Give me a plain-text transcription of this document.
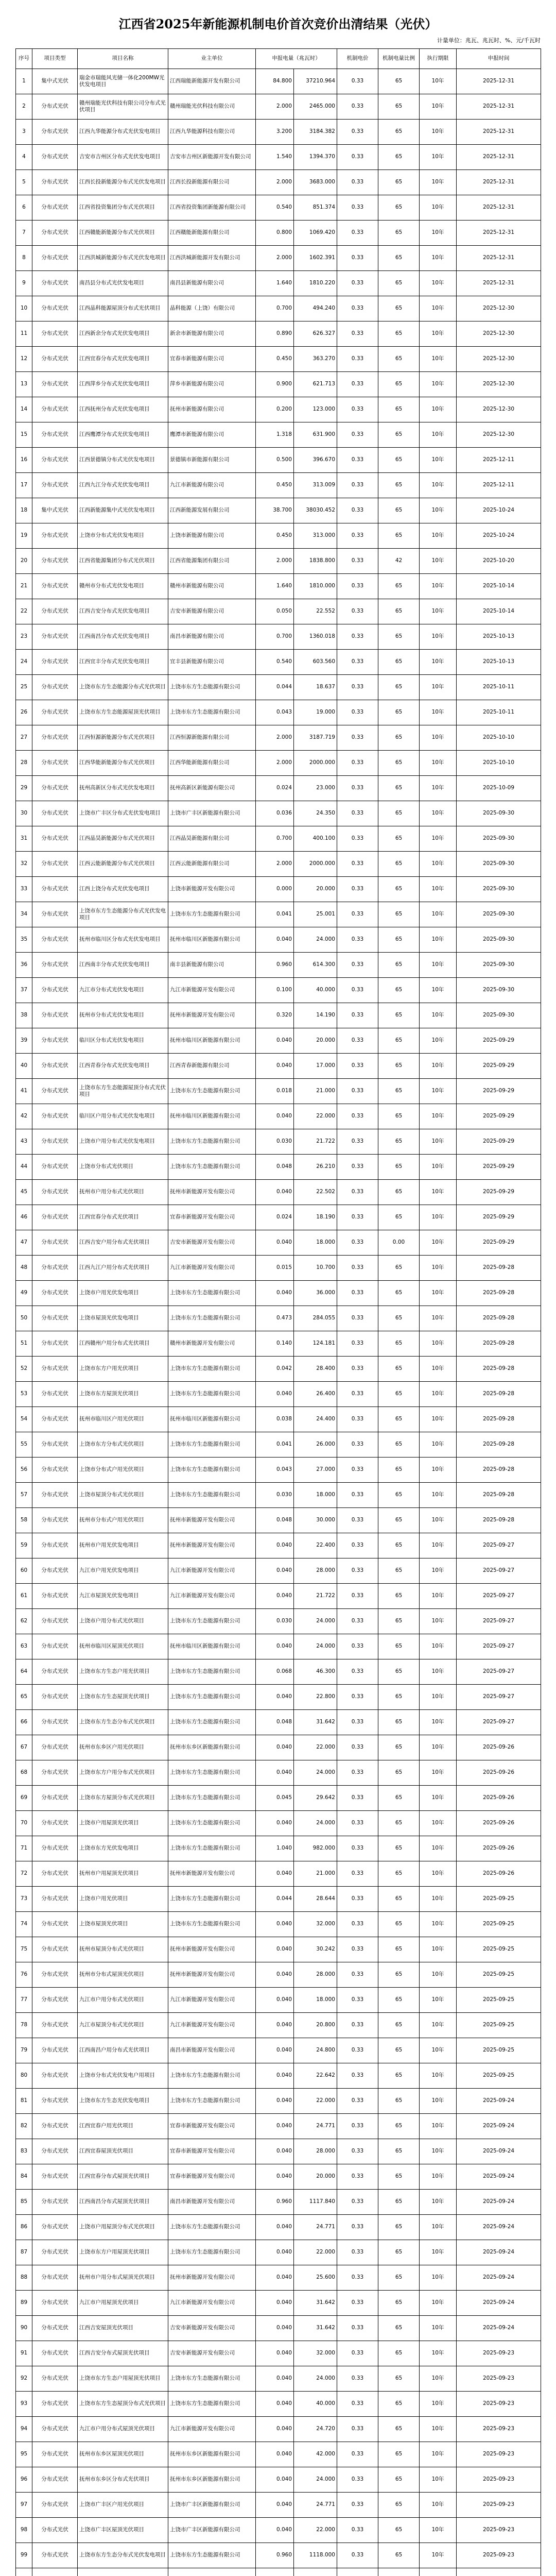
江西省2025年新能源机制电价首次竞价出清结果（光伏）
计量单位：兆瓦、兆瓦时、%、元/千瓦时
序号	项目类型	项目名称	业主单位	申报电量（兆瓦时）		机制电价	机制电量比例	执行期限	申报时间
1	集中式光伏	瑞金市瑞能风光储一体化200MW光伏发电项目	江西瑞能新能源开发有限公司	84.800	37210.964	0.33	65	10年	2025-12-31
2	分布式光伏	赣州瑞能光伏科技有限公司分布式光伏项目	赣州瑞能光伏科技有限公司	2.000	2465.000	0.33	65	10年	2025-12-31
3	分布式光伏	江西九华能源分布式光伏发电项目	江西九华能源科技有限公司	3.200	3184.382	0.33	65	10年	2025-12-31
4	分布式光伏	吉安市吉州区分布式光伏发电项目	吉安市吉州区新能源开发有限公司	1.540	1394.370	0.33	65	10年	2025-12-31
5	分布式光伏	江西长投新能源分布式光伏发电项目	江西长投新能源有限公司	2.000	3683.000	0.33	65	10年	2025-12-31
6	分布式光伏	江西省投资集团分布式光伏项目	江西省投资集团新能源有限公司	0.540	851.374	0.33	65	10年	2025-12-31
7	分布式光伏	江西赣能新能源分布式光伏项目	江西赣能新能源有限公司	0.800	1069.420	0.33	65	10年	2025-12-31
8	分布式光伏	江西洪城新能源分布式光伏发电项目	江西洪城新能源开发有限公司	2.000	1602.391	0.33	65	10年	2025-12-31
9	分布式光伏	南昌县分布式光伏发电项目	南昌县新能源有限公司	1.640	1810.220	0.33	65	10年	2025-12-31
10	分布式光伏	江西晶科能源屋顶分布式光伏项目	晶科能源（上饶）有限公司	0.700	494.240	0.33	65	10年	2025-12-30
11	分布式光伏	江西新余分布式光伏发电项目	新余市新能源有限公司	0.890	626.327	0.33	65	10年	2025-12-30
12	分布式光伏	江西宜春分布式光伏发电项目	宜春市新能源有限公司	0.450	363.270	0.33	65	10年	2025-12-30
13	分布式光伏	江西萍乡分布式光伏发电项目	萍乡市新能源有限公司	0.900	621.713	0.33	65	10年	2025-12-30
14	分布式光伏	江西抚州分布式光伏发电项目	抚州市新能源有限公司	0.200	123.000	0.33	65	10年	2025-12-30
15	分布式光伏	江西鹰潭分布式光伏发电项目	鹰潭市新能源有限公司	1.318	631.900	0.33	65	10年	2025-12-30
16	分布式光伏	江西景德镇分布式光伏发电项目	景德镇市新能源有限公司	0.500	396.670	0.33	65	10年	2025-12-11
17	分布式光伏	江西九江分布式光伏发电项目	九江市新能源有限公司	0.450	313.009	0.33	65	10年	2025-12-11
18	集中式光伏	江西新能源集中式光伏发电项目	江西新能源发展有限公司	38.700	38030.452	0.33	65	10年	2025-10-24
19	分布式光伏	上饶市分布式光伏发电项目	上饶市新能源有限公司	0.450	313.000	0.33	65	10年	2025-10-24
20	分布式光伏	江西省能源集团分布式光伏项目	江西省能源集团有限公司	2.000	1838.800	0.33	42	10年	2025-10-20
21	分布式光伏	赣州市分布式光伏发电项目	赣州市新能源有限公司	1.640	1810.000	0.33	65	10年	2025-10-14
22	分布式光伏	江西吉安分布式光伏发电项目	吉安市新能源有限公司	0.050	22.552	0.33	65	10年	2025-10-14
23	分布式光伏	江西南昌分布式光伏发电项目	南昌市新能源有限公司	0.700	1360.018	0.33	65	10年	2025-10-13
24	分布式光伏	江西宜丰分布式光伏发电项目	宜丰县新能源有限公司	0.540	603.560	0.33	65	10年	2025-10-13
25	分布式光伏	上饶市东方生态能源分布式光伏项目	上饶市东方生态能源有限公司	0.044	18.637	0.33	65	10年	2025-10-11
26	分布式光伏	上饶市东方生态能源屋顶光伏项目	上饶市东方生态能源有限公司	0.043	19.000	0.33	65	10年	2025-10-11
27	分布式光伏	江西恒源新能源分布式光伏项目	江西恒源新能源有限公司	2.000	3187.719	0.33	65	10年	2025-10-10
28	分布式光伏	江西华能新能源分布式光伏项目	江西华能新能源有限公司	2.000	2000.000	0.33	65	10年	2025-10-10
29	分布式光伏	抚州高新区分布式光伏发电项目	抚州高新区新能源有限公司	0.024	23.000	0.33	65	10年	2025-10-09
30	分布式光伏	上饶市广丰区分布式光伏发电项目	上饶市广丰区新能源有限公司	0.036	24.350	0.33	65	10年	2025-09-30
31	分布式光伏	江西晶昊新能源分布式光伏项目	江西晶昊新能源有限公司	0.700	400.100	0.33	65	10年	2025-09-30
32	分布式光伏	江西云能新能源分布式光伏项目	江西云能新能源有限公司	2.000	2000.000	0.33	65	10年	2025-09-30
33	分布式光伏	江西上饶分布式光伏发电项目	上饶市新能源开发有限公司	0.000	20.000	0.33	65	10年	2025-09-30
34	分布式光伏	上饶市东方生态能源分布式光伏发电项目	上饶市东方生态能源有限公司	0.041	25.001	0.33	65	10年	2025-09-30
35	分布式光伏	抚州市临川区分布式光伏发电项目	抚州市临川区新能源有限公司	0.040	24.000	0.33	65	10年	2025-09-30
36	分布式光伏	江西南丰分布式光伏发电项目	南丰县新能源有限公司	0.960	614.300	0.33	65	10年	2025-09-30
37	分布式光伏	九江市分布式光伏发电项目	九江市新能源开发有限公司	0.100	40.000	0.33	65	10年	2025-09-30
38	分布式光伏	抚州市分布式光伏发电项目	抚州市新能源开发有限公司	0.320	14.190	0.33	65	10年	2025-09-30
39	分布式光伏	临川区分布式光伏发电项目	抚州市临川区新能源有限公司	0.040	20.000	0.33	65	10年	2025-09-29
40	分布式光伏	江西青春分布式光伏发电项目	江西青春新能源有限公司	0.040	17.000	0.33	65	10年	2025-09-29
41	分布式光伏	上饶市东方生态能源屋顶分布式光伏项目	上饶市东方生态能源有限公司	0.018	21.000	0.33	65	10年	2025-09-29
42	分布式光伏	临川区户用分布式光伏发电项目	抚州市临川区新能源有限公司	0.040	22.000	0.33	65	10年	2025-09-29
43	分布式光伏	上饶市户用分布式光伏发电项目	上饶市东方生态能源有限公司	0.030	21.722	0.33	65	10年	2025-09-29
44	分布式光伏	上饶市分布式光伏项目	上饶市东方生态能源有限公司	0.048	26.210	0.33	65	10年	2025-09-29
45	分布式光伏	抚州市户用分布式光伏项目	抚州市新能源开发有限公司	0.040	22.502	0.33	65	10年	2025-09-29
46	分布式光伏	江西宜春分布式光伏项目	宜春市新能源开发有限公司	0.024	18.190	0.33	65	10年	2025-09-29
47	分布式光伏	江西吉安户用分布式光伏项目	吉安市新能源开发有限公司	0.040	18.000	0.33	0.00	10年	2025-09-29
48	分布式光伏	江西九江户用分布式光伏项目	九江市新能源开发有限公司	0.015	10.700	0.33	65	10年	2025-09-28
49	分布式光伏	上饶市户用光伏发电项目	上饶市东方生态能源有限公司	0.040	36.000	0.33	65	10年	2025-09-28
50	分布式光伏	上饶市屋顶光伏发电项目	上饶市东方生态能源有限公司	0.473	284.055	0.33	65	10年	2025-09-28
51	分布式光伏	江西赣州户用分布式光伏项目	赣州市新能源开发有限公司	0.140	124.181	0.33	65	10年	2025-09-28
52	分布式光伏	上饶市东方户用光伏项目	上饶市东方生态能源有限公司	0.042	28.400	0.33	65	10年	2025-09-28
53	分布式光伏	上饶市东方屋顶光伏项目	上饶市东方生态能源有限公司	0.040	26.400	0.33	65	10年	2025-09-28
54	分布式光伏	抚州市临川区户用光伏项目	抚州市临川区新能源有限公司	0.038	24.400	0.33	65	10年	2025-09-28
55	分布式光伏	上饶市东方分布式光伏项目	上饶市东方生态能源有限公司	0.041	26.000	0.33	65	10年	2025-09-28
56	分布式光伏	上饶市分布式户用光伏项目	上饶市东方生态能源有限公司	0.043	27.000	0.33	65	10年	2025-09-28
57	分布式光伏	上饶市屋顶分布式光伏项目	上饶市东方生态能源有限公司	0.030	18.000	0.33	65	10年	2025-09-28
58	分布式光伏	抚州市分布式户用光伏项目	抚州市新能源开发有限公司	0.048	30.000	0.33	65	10年	2025-09-28
59	分布式光伏	抚州市户用光伏发电项目	抚州市新能源开发有限公司	0.040	22.400	0.33	65	10年	2025-09-27
60	分布式光伏	九江市户用光伏发电项目	九江市新能源开发有限公司	0.040	28.000	0.33	65	10年	2025-09-27
61	分布式光伏	九江市屋顶光伏发电项目	九江市新能源开发有限公司	0.040	21.722	0.33	65	10年	2025-09-27
62	分布式光伏	上饶市户用分布式光伏项目	上饶市东方生态能源有限公司	0.030	24.000	0.33	65	10年	2025-09-27
63	分布式光伏	抚州市临川区屋顶光伏项目	抚州市临川区新能源有限公司	0.040	24.000	0.33	65	10年	2025-09-27
64	分布式光伏	上饶市东方生态户用光伏项目	上饶市东方生态能源有限公司	0.068	46.300	0.33	65	10年	2025-09-27
65	分布式光伏	上饶市东方生态屋顶光伏项目	上饶市东方生态能源有限公司	0.040	22.800	0.33	65	10年	2025-09-27
66	分布式光伏	上饶市东方生态分布式光伏项目	上饶市东方生态能源有限公司	0.048	31.642	0.33	65	10年	2025-09-27
67	分布式光伏	抚州市东乡区户用光伏项目	抚州市东乡区新能源有限公司	0.040	22.000	0.33	65	10年	2025-09-26
68	分布式光伏	上饶市东方户用分布式光伏项目	上饶市东方生态能源有限公司	0.040	24.000	0.33	65	10年	2025-09-26
69	分布式光伏	上饶市东方屋顶分布式光伏项目	上饶市东方生态能源有限公司	0.045	29.642	0.33	65	10年	2025-09-26
70	分布式光伏	上饶市户用屋顶光伏项目	上饶市东方生态能源有限公司	0.040	24.000	0.33	65	10年	2025-09-26
71	分布式光伏	上饶市东方光伏发电项目	上饶市东方生态能源有限公司	1.040	982.000	0.33	65	10年	2025-09-26
72	分布式光伏	抚州市户用屋顶光伏项目	抚州市新能源开发有限公司	0.040	21.000	0.33	65	10年	2025-09-26
73	分布式光伏	上饶市户用光伏项目	上饶市东方生态能源有限公司	0.044	28.644	0.33	65	10年	2025-09-25
74	分布式光伏	上饶市屋顶光伏项目	上饶市东方生态能源有限公司	0.040	32.000	0.33	65	10年	2025-09-25
75	分布式光伏	抚州市屋顶分布式光伏项目	抚州市新能源开发有限公司	0.040	30.242	0.33	65	10年	2025-09-25
76	分布式光伏	抚州市分布式屋顶光伏项目	抚州市新能源开发有限公司	0.040	28.000	0.33	65	10年	2025-09-25
77	分布式光伏	九江市户用分布式光伏项目	九江市新能源开发有限公司	0.040	18.000	0.33	65	10年	2025-09-25
78	分布式光伏	九江市屋顶分布式光伏项目	九江市新能源开发有限公司	0.040	20.800	0.33	65	10年	2025-09-25
79	分布式光伏	江西南昌户用分布式光伏项目	南昌市新能源开发有限公司	0.040	24.800	0.33	65	10年	2025-09-25
80	分布式光伏	上饶市分布式光伏发电户用项目	上饶市东方生态能源有限公司	0.040	22.642	0.33	65	10年	2025-09-25
81	分布式光伏	上饶市东方生态光伏发电项目	上饶市东方生态能源有限公司	0.040	22.000	0.33	65	10年	2025-09-24
82	分布式光伏	江西宜春户用光伏项目	宜春市新能源开发有限公司	0.040	24.771	0.33	65	10年	2025-09-24
83	分布式光伏	江西宜春屋顶光伏项目	宜春市新能源开发有限公司	0.040	28.000	0.33	65	10年	2025-09-24
84	分布式光伏	江西宜春分布式屋顶光伏项目	宜春市新能源开发有限公司	0.040	20.000	0.33	65	10年	2025-09-24
85	分布式光伏	江西南昌分布式屋顶光伏项目	南昌市新能源开发有限公司	0.960	1117.840	0.33	65	10年	2025-09-24
86	分布式光伏	上饶市户用屋顶分布式光伏项目	上饶市东方生态能源有限公司	0.040	24.771	0.33	65	10年	2025-09-24
87	分布式光伏	上饶市东方户用屋顶光伏项目	上饶市东方生态能源有限公司	0.040	22.000	0.33	65	10年	2025-09-24
88	分布式光伏	抚州市户用分布式屋顶光伏项目	抚州市新能源开发有限公司	0.040	25.600	0.33	65	10年	2025-09-24
89	分布式光伏	九江市户用屋顶光伏项目	九江市新能源开发有限公司	0.040	31.642	0.33	65	10年	2025-09-24
90	分布式光伏	江西吉安屋顶光伏项目	吉安市新能源开发有限公司	0.040	31.642	0.33	65	10年	2025-09-24
91	分布式光伏	江西吉安分布式屋顶光伏项目	吉安市新能源开发有限公司	0.040	32.000	0.33	65	10年	2025-09-23
92	分布式光伏	上饶市东方生态户用屋顶光伏项目	上饶市东方生态能源有限公司	0.040	24.000	0.33	65	10年	2025-09-23
93	分布式光伏	上饶市东方生态屋顶分布式光伏项目	上饶市东方生态能源有限公司	0.040	40.000	0.33	65	10年	2025-09-23
94	分布式光伏	九江市户用分布式屋顶光伏项目	九江市新能源开发有限公司	0.040	24.720	0.33	65	10年	2025-09-23
95	分布式光伏	抚州市东乡区屋顶光伏项目	抚州市东乡区新能源有限公司	0.040	42.000	0.33	65	10年	2025-09-23
96	分布式光伏	抚州市东乡区分布式光伏项目	抚州市东乡区新能源有限公司	0.040	24.000	0.33	65	10年	2025-09-23
97	分布式光伏	上饶市广丰区户用光伏项目	上饶市广丰区新能源有限公司	0.040	24.771	0.33	65	10年	2025-09-23
98	分布式光伏	上饶市广丰区屋顶光伏项目	上饶市广丰区新能源有限公司	0.040	22.000	0.33	65	10年	2025-09-23
99	分布式光伏	上饶市东方生态分布式光伏发电项目	上饶市东方生态能源有限公司	0.960	1118.000	0.33	65	10年	2025-09-23
